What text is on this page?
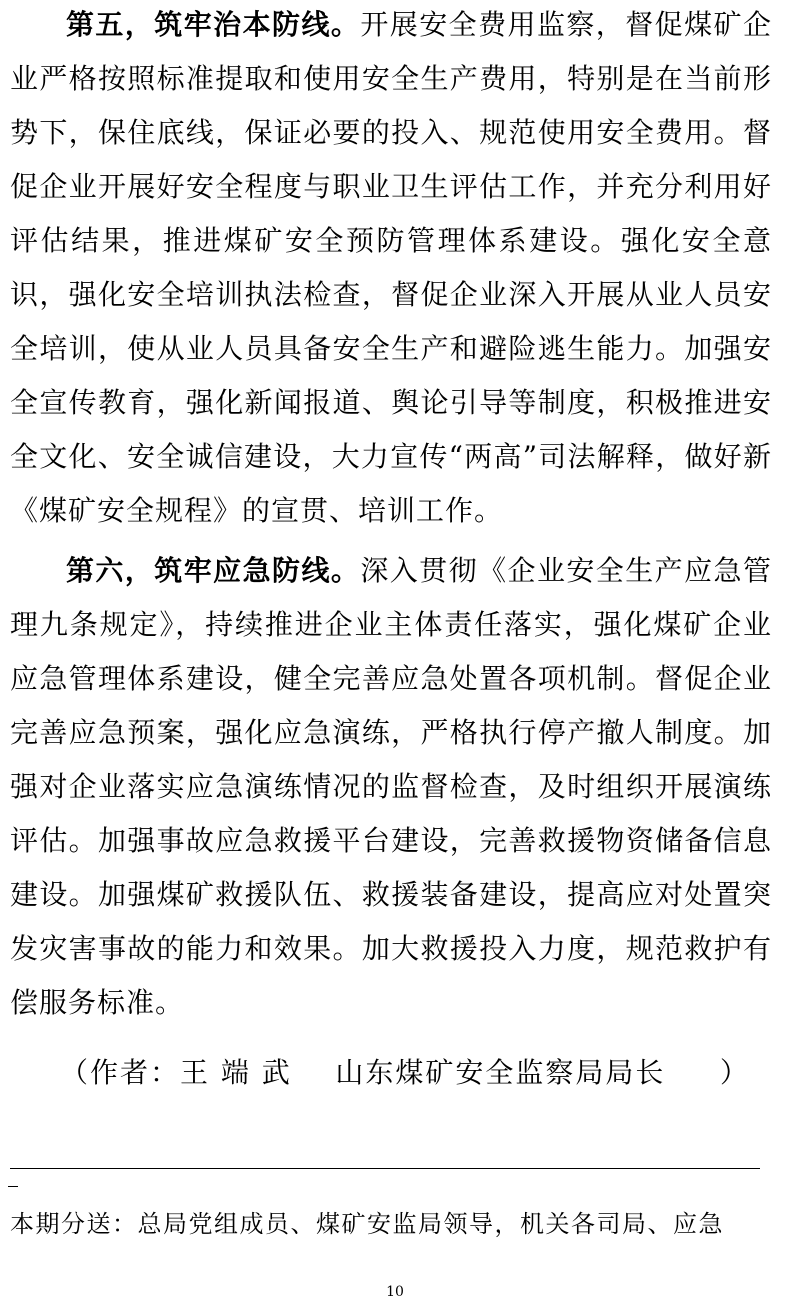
第五，筑牢治本防线。开展安全费用监察，督促煤矿企业严格按照标准提取和使用安全生产费用，特别是在当前形势下，保住底线，保证必要的投入、规范使用安全费用。督促企业开展好安全程度与职业卫生评估工作，并充分利用好评估结果，推进煤矿安全预防管理体系建设。强化安全意识，强化安全培训执法检查，督促企业深入开展从业人员安全培训，使从业人员具备安全生产和避险逃生能力。加强安全宣传教育，强化新闻报道、舆论引导等制度，积极推进安全文化、安全诚信建设，大力宣传“两高”司法解释，做好新《煤矿安全规程》的宣贯、培训工作。

第六，筑牢应急防线。深入贯彻《企业安全生产应急管理九条规定》，持续推进企业主体责任落实，强化煤矿企业应急管理体系建设，健全完善应急处置各项机制。督促企业完善应急预案，强化应急演练，严格执行停产撤人制度。加强对企业落实应急演练情况的监督检查，及时组织开展演练评估。加强事故应急救援平台建设，完善救援物资储备信息建设。加强煤矿救援队伍、救援装备建设，提高应对处置突发灾害事故的能力和效果。加大救援投入力度，规范救护有偿服务标准。

（作者：王 端 武    山东煤矿安全监察局局长     ）
本期分送：总局党组成员、煤矿安监局领导，机关各司局、应急
10
